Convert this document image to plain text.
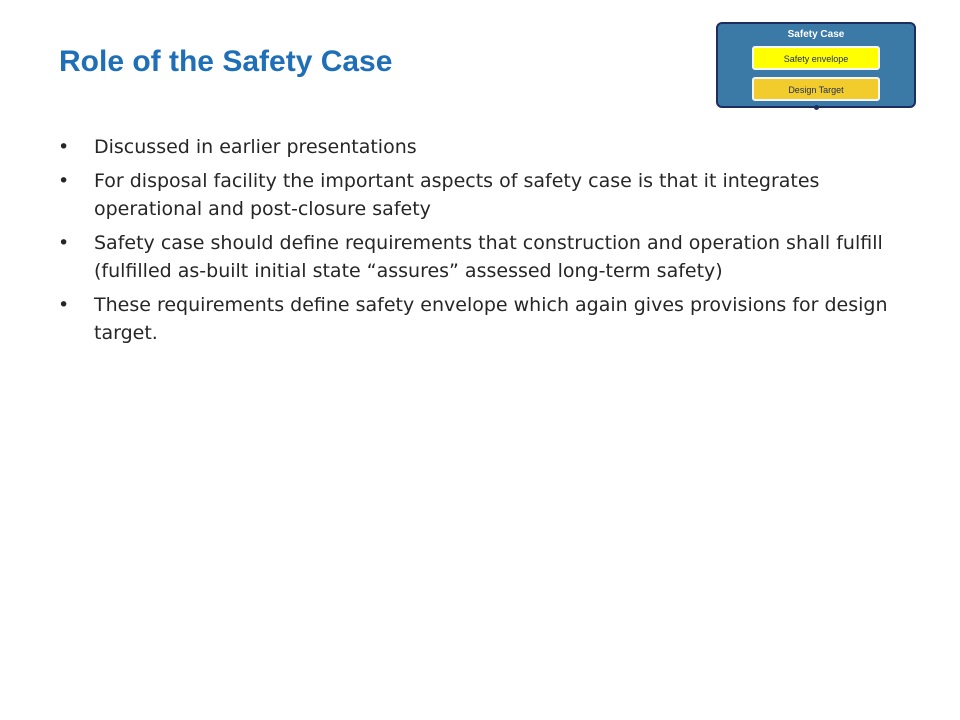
Role of the Safety Case
Safety Case
Safety envelope
Design Target
• Discussed in earlier presentations
• For disposal facility the important aspects of safety case is that it integrates operational and post-closure safety
• Safety case should define requirements that construction and operation shall fulfill (fulfilled as-built initial state “assures” assessed long-term safety)
• These requirements define safety envelope which again gives provisions for design target.
